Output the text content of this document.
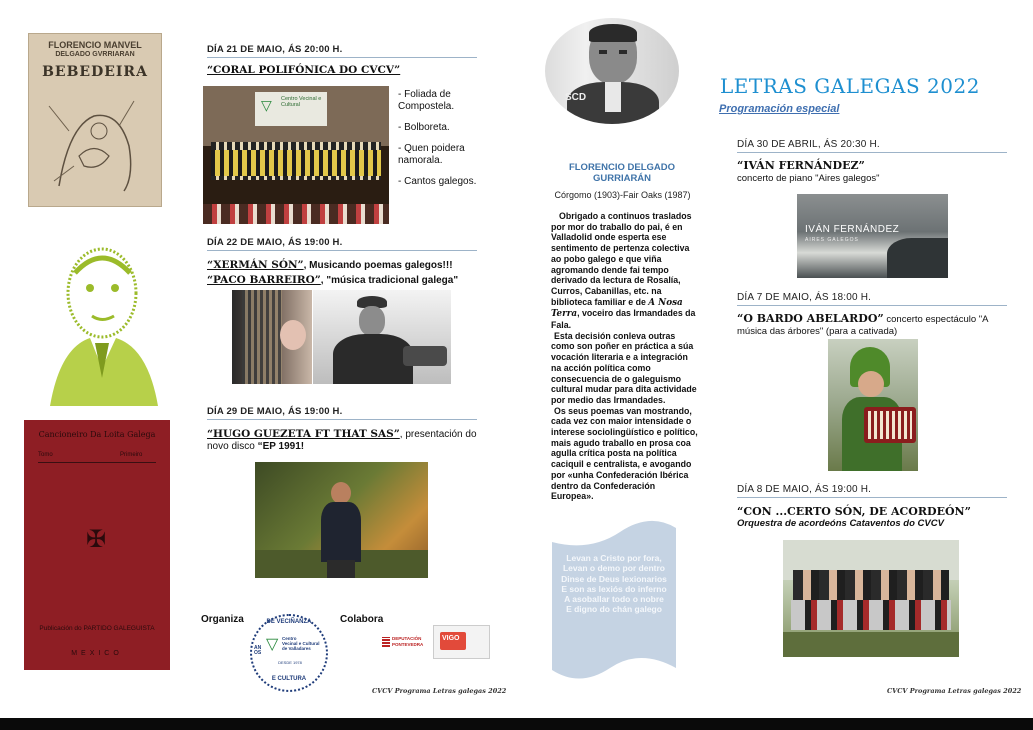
FLORENCIO MANVEL
DELGADO GVRRIARAN
BEBEDEIRA
Cancioneiro Da Loita Galega
Tomo	Primeiro
✠
Publicación do PARTIDO GALEGUISTA
MEXICO
DÍA 21 DE MAIO, ÁS 20:00 H.
“CORAL POLIFÓNICA DO CVCV”
▽ Centro Vecinal e Cultural
- Foliada de Compostela.
- Bolboreta.
- Quen poidera namorala.
- Cantos galegos.
DÍA 22 DE MAIO, ÁS 19:00 H.
“XERMÁN SÓN”, Musicando poemas galegos!!!
“PACO BARREIRO”, "música tradicional galega"
DÍA 29 DE MAIO, ÁS 19:00 H.
“HUGO GUEZETA FT THAT SAS”, presentación do novo disco “EP 1991!
Organiza	Colabora
DE VECIÑANZA
ANOS ▽ Centro
Vecinal e Cultural
de Valladares
DESDE 1978
E CULTURA
DEPUTACIÓN PONTEVEDRA
VIGO
CVCV Programa Letras galegas 2022
SCD
FLORENCIO DELGADO GURRIARÁN
Córgomo (1903)-Fair Oaks (1987)
Obrigado a continuos traslados por mor do traballo do pai, é en Valladolid onde esperta ese sentimento de pertenza colectiva ao pobo galego e que viña agromando dende fai tempo derivado da lectura de Rosalía, Curros, Cabanillas, etc. na biblioteca familiar e de A Nosa Terra, voceiro das Irmandades da Fala.
Esta decisión conleva outras como son poñer en práctica a súa vocación literaria e a integración na acción política como consecuencia de o galeguismo cultural mudar para dita actividade por medio das Irmandades.
Os seus poemas van mostrando, cada vez con maior intensidade o interese sociolingüístico e político, mais agudo traballo en prosa coa agulla crítica posta na política caciquil e centralista, e avogando por «unha Confederación Ibérica dentro da Confederación Europea».
Levan a Cristo por fora,
Levan o demo por dentro
Dinse de Deus lexionarios
E son as lexiós do inferno
A asoballar todo o nobre
E digno do chán galego
LETRAS GALEGAS 2022
Programación especial
DÍA 30 DE ABRIL, ÁS 20:30 H.
“IVÁN FERNÁNDEZ”
concerto de piano "Aires galegos"
IVÁN FERNÁNDEZ
AIRES GALEGOS
DÍA 7 DE MAIO, ÁS 18:00 H.
“O BARDO ABELARDO” concerto espectáculo "A música das árbores" (para a cativada)
DÍA 8 DE MAIO, ÁS 19:00 H.
“CON ...CERTO SÓN, DE ACORDEÓN”
Orquestra de acordeóns Cataventos do CVCV
CVCV Programa Letras galegas 2022
